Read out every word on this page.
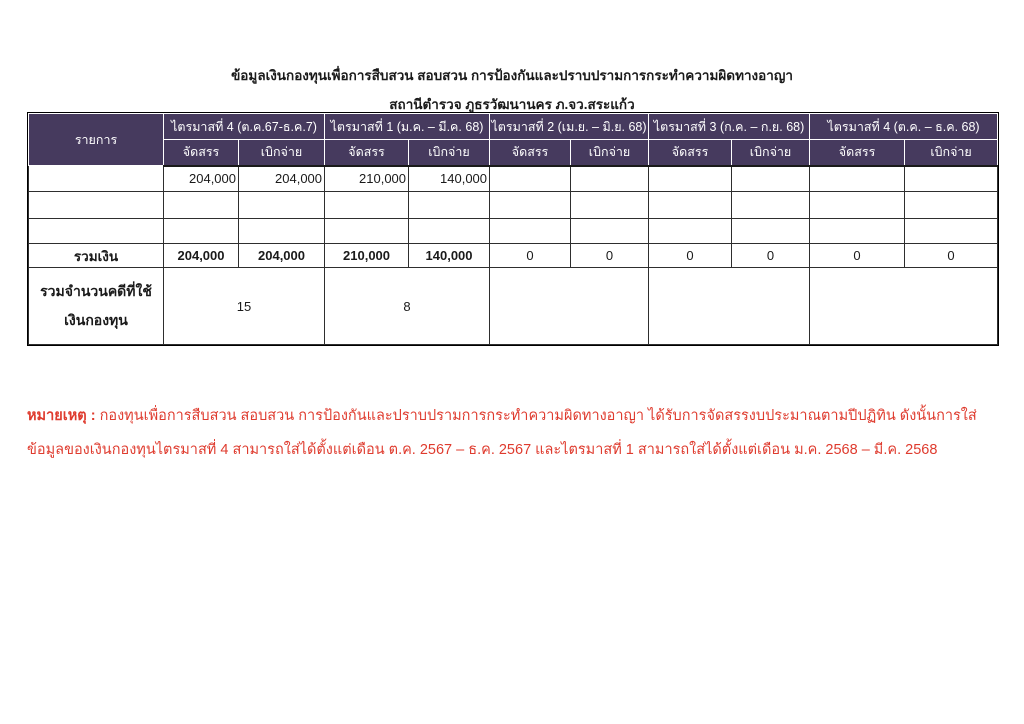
ข้อมูลเงินกองทุนเพื่อการสืบสวน สอบสวน การป้องกันและปราบปรามการกระทำความผิดทางอาญา
สถานีตำรวจ ภูธรวัฒนานคร ภ.จว.สระแก้ว
รายการ	ไตรมาสที่ 4 (ต.ค.67-ธ.ค.7)		ไตรมาสที่ 1 (ม.ค. – มี.ค. 68)		ไตรมาสที่ 2 (เม.ย. – มิ.ย. 68)		ไตรมาสที่ 3 (ก.ค. – ก.ย. 68)		ไตรมาสที่ 4 (ต.ค. – ธ.ค. 68)	
	จัดสรร	เบิกจ่าย	จัดสรร	เบิกจ่าย	จัดสรร	เบิกจ่าย	จัดสรร	เบิกจ่าย	จัดสรร	เบิกจ่าย
	204,000	204,000	210,000	140,000						

รวมเงิน	204,000	204,000	210,000	140,000	0	0	0	0	0	0

รวมจำนวนคดีที่ใช้
เงินกองทุน	15		8							
หมายเหตุ : กองทุนเพื่อการสืบสวน สอบสวน การป้องกันและปราบปรามการกระทำความผิดทางอาญา ได้รับการจัดสรรงบประมาณตามปีปฏิทิน ดังนั้นการใส่ข้อมูลของเงินกองทุนไตรมาสที่ 4 สามารถใส่ได้ตั้งแต่เดือน ต.ค. 2567 – ธ.ค. 2567 และไตรมาสที่ 1 สามารถใส่ได้ตั้งแต่เดือน ม.ค. 2568 – มี.ค. 2568
